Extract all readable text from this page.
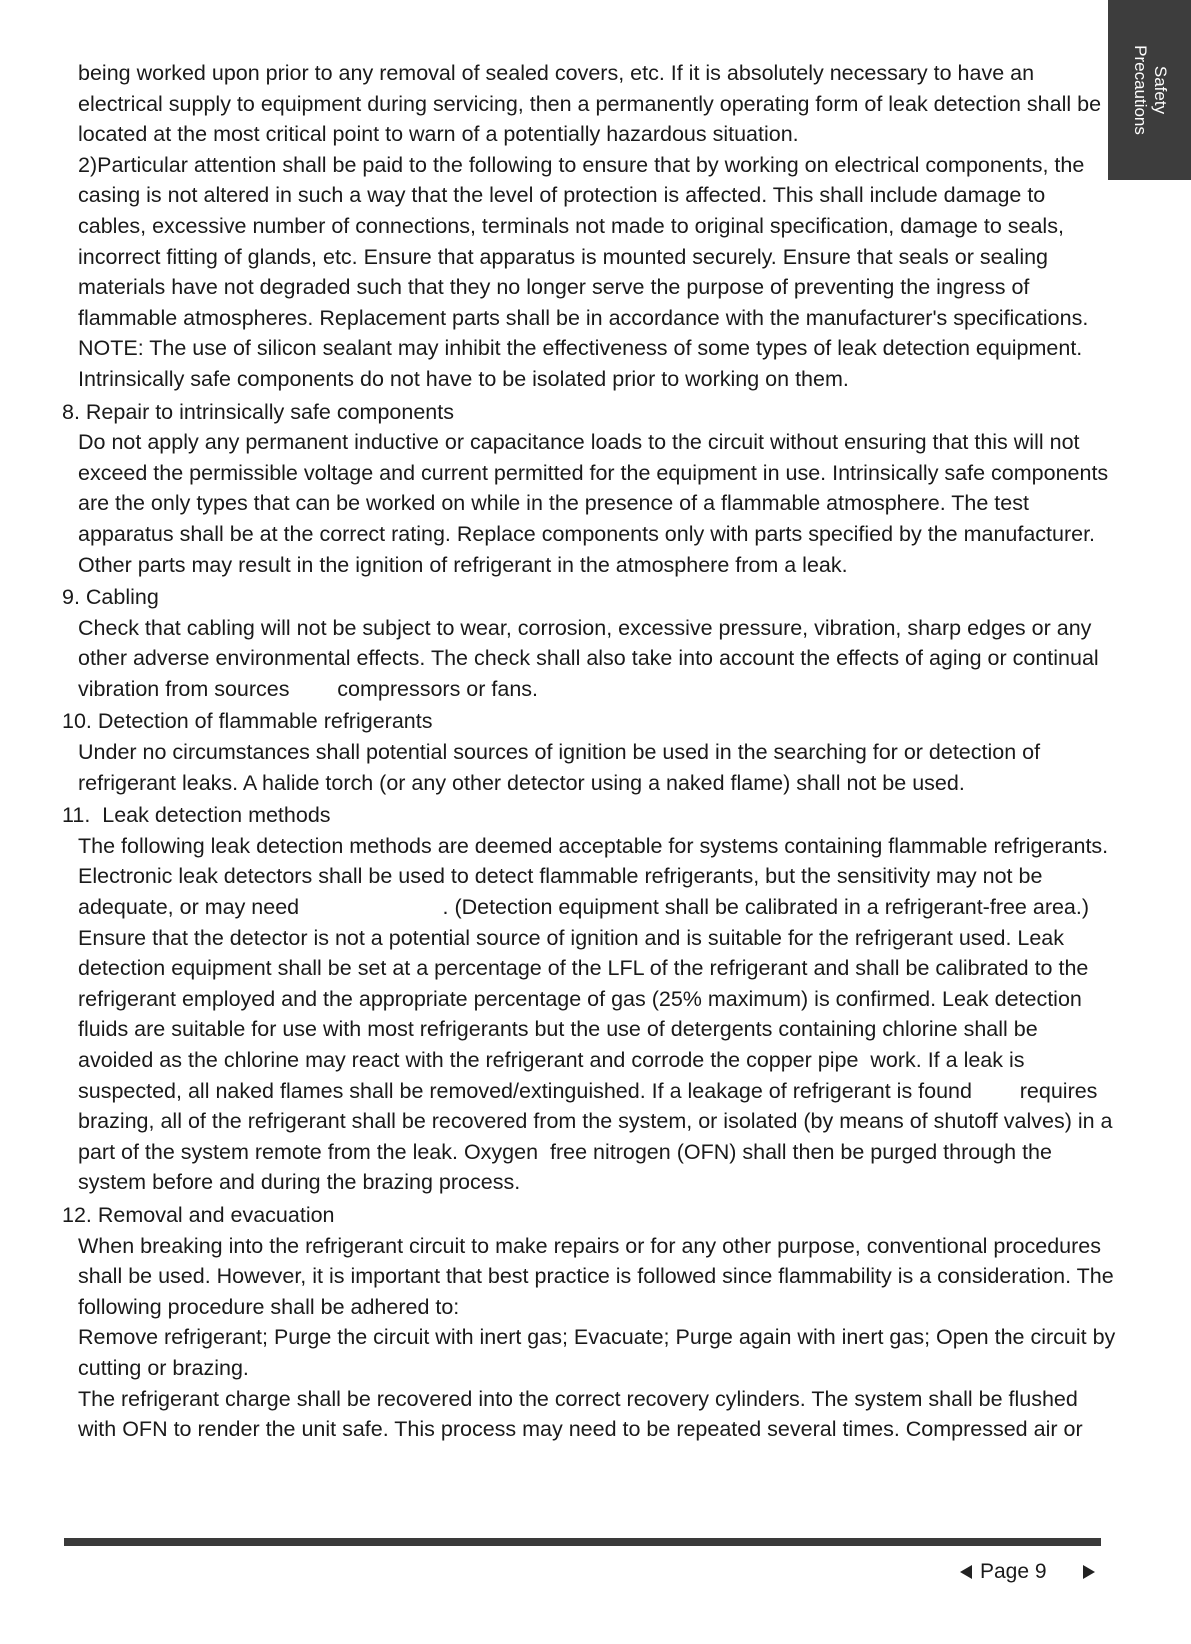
Safety
Precautions

being worked upon prior to any removal of sealed covers, etc. If it is absolutely necessary to have an electrical supply to equipment during servicing, then a permanently operating form of leak detection shall be located at the most critical point to warn of a potentially hazardous situation.

2)Particular attention shall be paid to the following to ensure that by working on electrical components, the casing is not altered in such a way that the level of protection is affected. This shall include damage to cables, excessive number of connections, terminals not made to original specification, damage to seals, incorrect fitting of glands, etc. Ensure that apparatus is mounted securely. Ensure that seals or sealing materials have not degraded such that they no longer serve the purpose of preventing the ingress of flammable atmospheres. Replacement parts shall be in accordance with the manufacturer's specifications.

NOTE: The use of silicon sealant may inhibit the effectiveness of some types of leak detection equipment. Intrinsically safe components do not have to be isolated prior to working on them.

8. Repair to intrinsically safe components

Do not apply any permanent inductive or capacitance loads to the circuit without ensuring that this will not exceed the permissible voltage and current permitted for the equipment in use. Intrinsically safe components are the only types that can be worked on while in the presence of a flammable atmosphere. The test apparatus shall be at the correct rating. Replace components only with parts specified by the manufacturer. Other parts may result in the ignition of refrigerant in the atmosphere from a leak.

9. Cabling

Check that cabling will not be subject to wear, corrosion, excessive pressure, vibration, sharp edges or any other adverse environmental effects. The check shall also take into account the effects of aging or continual vibration from sources        compressors or fans.

10. Detection of flammable refrigerants

Under no circumstances shall potential sources of ignition be used in the searching for or detection of refrigerant leaks. A halide torch (or any other detector using a naked flame) shall not be used.

11.  Leak detection methods

The following leak detection methods are deemed acceptable for systems containing flammable refrigerants. Electronic leak detectors shall be used to detect flammable refrigerants, but the sensitivity may not be adequate, or may need                        . (Detection equipment shall be calibrated in a refrigerant-free area.) Ensure that the detector is not a potential source of ignition and is suitable for the refrigerant used. Leak detection equipment shall be set at a percentage of the LFL of the refrigerant and shall be calibrated to the refrigerant employed and the appropriate percentage of gas (25% maximum) is confirmed. Leak detection fluids are suitable for use with most refrigerants but the use of detergents containing chlorine shall be avoided as the chlorine may react with the refrigerant and corrode the copper pipe  work. If a leak is suspected, all naked flames shall be removed/extinguished. If a leakage of refrigerant is found        requires brazing, all of the refrigerant shall be recovered from the system, or isolated (by means of shutoff valves) in a part of the system remote from the leak. Oxygen  free nitrogen (OFN) shall then be purged through the system before and during the brazing process.

12. Removal and evacuation

When breaking into the refrigerant circuit to make repairs or for any other purpose, conventional procedures shall be used. However, it is important that best practice is followed since flammability is a consideration. The following procedure shall be adhered to:

Remove refrigerant; Purge the circuit with inert gas; Evacuate; Purge again with inert gas; Open the circuit by cutting or brazing.

The refrigerant charge shall be recovered into the correct recovery cylinders. The system shall be flushed with OFN to render the unit safe. This process may need to be repeated several times. Compressed air or

Page 9
